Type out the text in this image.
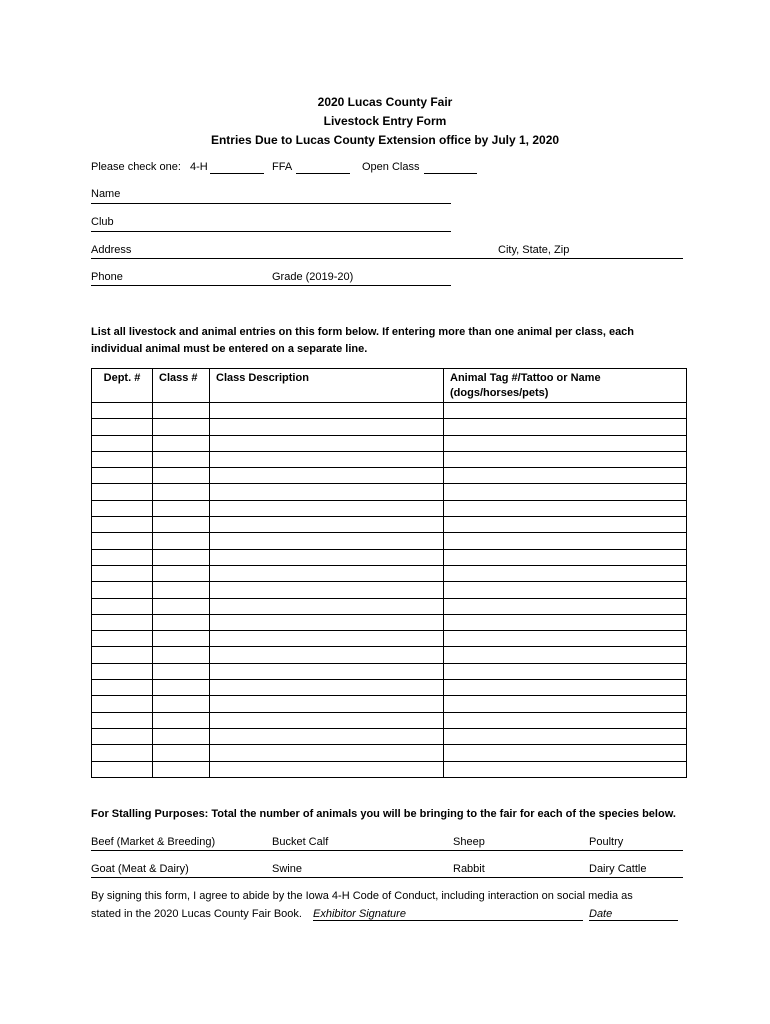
2020 Lucas County Fair
Livestock Entry Form
Entries Due to Lucas County Extension office by July 1, 2020
Please check one: 4-H	FFA	Open Class
Name
Club
Address	City, State, Zip
Phone	Grade (2019-20)
List all livestock and animal entries on this form below. If entering more than one animal per class, each
individual animal must be entered on a separate line.
Dept. #	Class #	Class Description	Animal Tag #/Tattoo or Name (dogs/horses/pets)

For Stalling Purposes: Total the number of animals you will be bringing to the fair for each of the species below.
Beef (Market & Breeding)	Bucket Calf	Sheep	Poultry
Goat (Meat & Dairy)	Swine	Rabbit	Dairy Cattle
By signing this form, I agree to abide by the Iowa 4-H Code of Conduct, including interaction on social media as
stated in the 2020 Lucas County Fair Book. Exhibitor Signature	Date
